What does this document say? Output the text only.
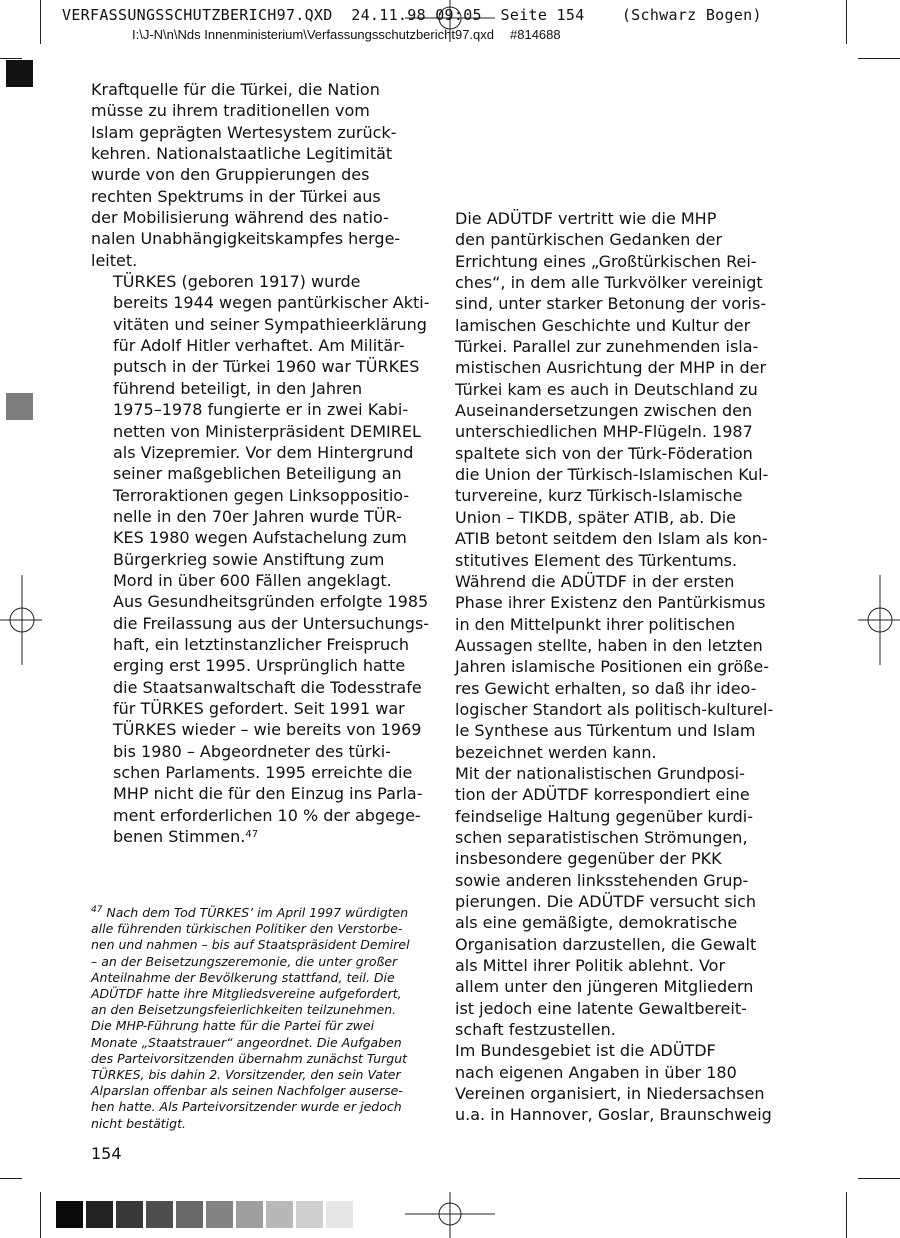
VERFASSUNGSSCHUTZBERICH97.QXD  24.11.98 09:05  Seite 154    (Schwarz Bogen)
I:\J-N\n\Nds Innenministerium\Verfassungsschutzbericht97.qxd #814688

Kraftquelle für die Türkei, die Nation
müsse zu ihrem traditionellen vom
Islam geprägten Wertesystem zurück-
kehren. Nationalstaatliche Legitimität
wurde von den Gruppierungen des
rechten Spektrums in der Türkei aus
der Mobilisierung während des natio-
nalen Unabhängigkeitskampfes herge-
leitet.

TÜRKES (geboren 1917) wurde
bereits 1944 wegen pantürkischer Akti-
vitäten und seiner Sympathieerklärung
für Adolf Hitler verhaftet. Am Militär-
putsch in der Türkei 1960 war TÜRKES
führend beteiligt, in den Jahren
1975–1978 fungierte er in zwei Kabi-
netten von Ministerpräsident DEMIREL
als Vizepremier. Vor dem Hintergrund
seiner maßgeblichen Beteiligung an
Terroraktionen gegen Linksoppositio-
nelle in den 70er Jahren wurde TÜR-
KES 1980 wegen Aufstachelung zum
Bürgerkrieg sowie Anstiftung zum
Mord in über 600 Fällen angeklagt.
Aus Gesundheitsgründen erfolgte 1985
die Freilassung aus der Untersuchungs-
haft, ein letztinstanzlicher Freispruch
erging erst 1995. Ursprünglich hatte
die Staatsanwaltschaft die Todesstrafe
für TÜRKES gefordert. Seit 1991 war
TÜRKES wieder – wie bereits von 1969
bis 1980 – Abgeordneter des türki-
schen Parlaments. 1995 erreichte die
MHP nicht die für den Einzug ins Parla-
ment erforderlichen 10 % der abgege-
benen Stimmen.$^{47}$

Die ADÜTDF vertritt wie die MHP
den pantürkischen Gedanken der
Errichtung eines „Großtürkischen Rei-
ches“, in dem alle Turkvölker vereinigt
sind, unter starker Betonung der voris-
lamischen Geschichte und Kultur der
Türkei. Parallel zur zunehmenden isla-
mistischen Ausrichtung der MHP in der
Türkei kam es auch in Deutschland zu
Auseinandersetzungen zwischen den
unterschiedlichen MHP-Flügeln. 1987
spaltete sich von der Türk-Föderation
die Union der Türkisch-Islamischen Kul-
turvereine, kurz Türkisch-Islamische
Union – TIKDB, später ATIB, ab. Die
ATIB betont seitdem den Islam als kon-
stitutives Element des Türkentums.
Während die ADÜTDF in der ersten
Phase ihrer Existenz den Pantürkismus
in den Mittelpunkt ihrer politischen
Aussagen stellte, haben in den letzten
Jahren islamische Positionen ein größe-
res Gewicht erhalten, so daß ihr ideo-
logischer Standort als politisch-kulturel-
le Synthese aus Türkentum und Islam
bezeichnet werden kann.

Mit der nationalistischen Grundposi-
tion der ADÜTDF korrespondiert eine
feindselige Haltung gegenüber kurdi-
schen separatistischen Strömungen,
insbesondere gegenüber der PKK
sowie anderen linksstehenden Grup-
pierungen. Die ADÜTDF versucht sich
als eine gemäßigte, demokratische
Organisation darzustellen, die Gewalt
als Mittel ihrer Politik ablehnt. Vor
allem unter den jüngeren Mitgliedern
ist jedoch eine latente Gewaltbereit-
schaft festzustellen.

Im Bundesgebiet ist die ADÜTDF
nach eigenen Angaben in über 180
Vereinen organisiert, in Niedersachsen
u.a. in Hannover, Goslar, Braunschweig

$^{47}$ Nach dem Tod TÜRKES’ im April 1997 würdigten
alle führenden türkischen Politiker den Verstorbe-
nen und nahmen – bis auf Staatspräsident Demirel
– an der Beisetzungszeremonie, die unter großer
Anteilnahme der Bevölkerung stattfand, teil. Die
ADÜTDF hatte ihre Mitgliedsvereine aufgefordert,
an den Beisetzungsfeierlichkeiten teilzunehmen.
Die MHP-Führung hatte für die Partei für zwei
Monate „Staatstrauer“ angeordnet. Die Aufgaben
des Parteivorsitzenden übernahm zunächst Turgut
TÜRKES, bis dahin 2. Vorsitzender, den sein Vater
Alparslan offenbar als seinen Nachfolger auserse-
hen hatte. Als Parteivorsitzender wurde er jedoch
nicht bestätigt.
154
